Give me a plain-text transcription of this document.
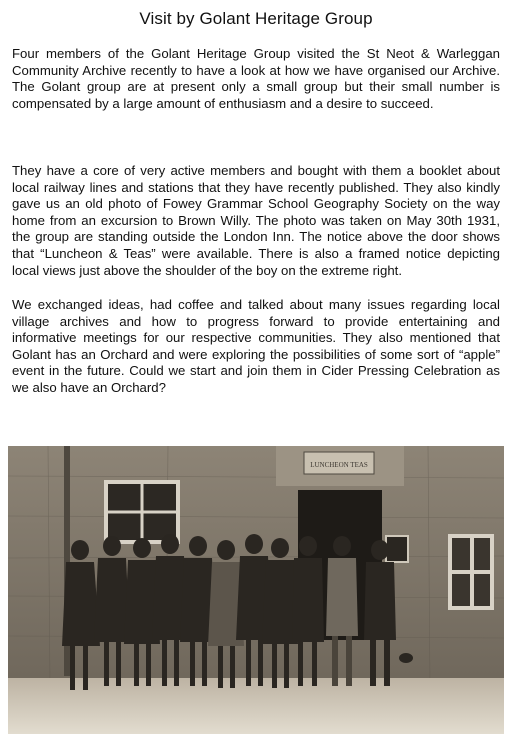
Visit by Golant Heritage Group

Four members of the Golant Heritage Group visited the St Neot & Warleggan Community Archive recently to have a look at how we have organised our Archive. The Golant group are at present only a small group but their small number is compensated by a large amount of enthusiasm and a desire to succeed.

They have a core of very active members and bought with them a booklet about local railway lines and stations that they have recently published. They also kindly gave us an old photo of Fowey Grammar School Geography Society on the way home from an excursion to Brown Willy. The photo was taken on May 30th 1931, the group are standing outside the London Inn. The notice above the door shows that “Luncheon & Teas” were available. There is also a framed notice depicting local views just above the shoulder of the boy on the extreme right.

We exchanged ideas, had coffee and talked about many issues regarding local village archives and how to progress forward to provide entertaining and informative meetings for our respective communities. They also mentioned that Golant has an Orchard and were exploring the possibilities of some sort of “apple” event in the future. Could we start and join them in Cider Pressing Celebration as we also have an Orchard?

LUNCHEON TEAS
